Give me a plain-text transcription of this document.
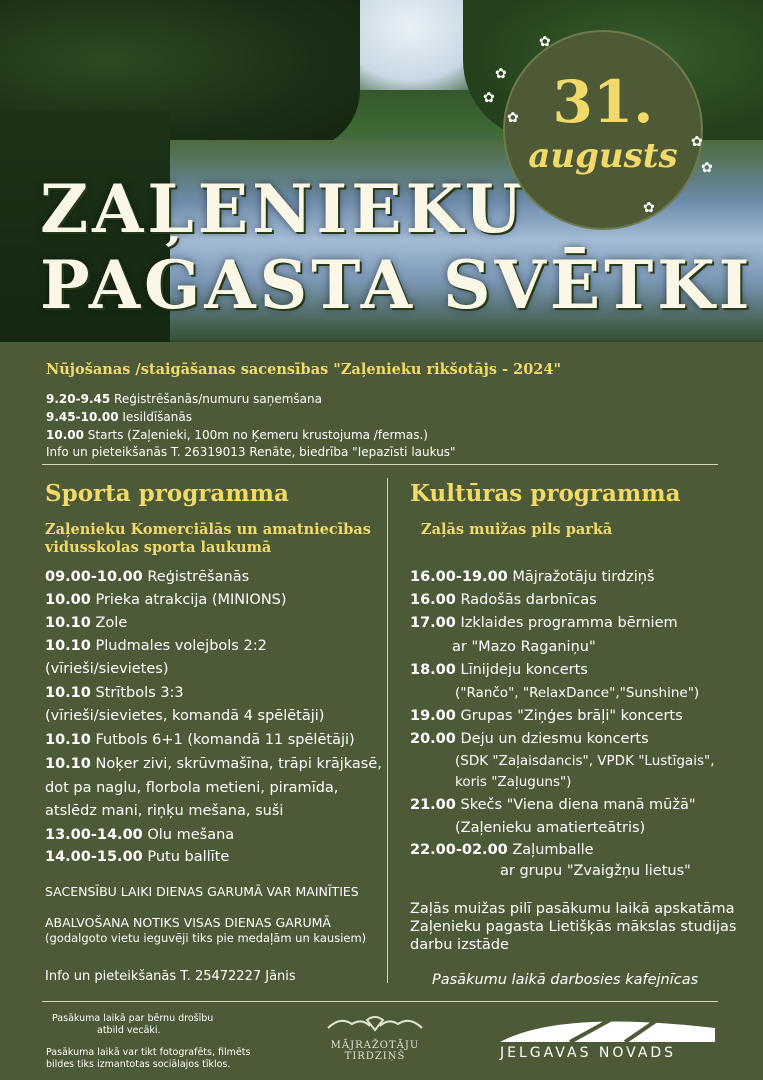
ZAĻENIEKU
PAGASTA SVĒTKI
31.
augusts
✿
✿
✿
✿
✿
✿
✿
Nūjošanas /staigāšanas sacensības "Zaļenieku rikšotājs - 2024"
9.20-9.45 Reģistrēšanās/numuru saņemšana
9.45-10.00 Iesildīšanās
10.00 Starts (Zaļenieki, 100m no Ķemeru krustojuma /fermas.)
Info un pieteikšanās T. 26319013 Renāte, biedrība "Iepazīsti laukus"
Sporta programma
Zaļenieku Komerciālās un amatniecības vidusskolas sporta laukumā
09.00-10.00 Reģistrēšanās
10.00 Prieka atrakcija (MINIONS)
10.10 Zole
10.10 Pludmales volejbols 2:2
(vīrieši/sievietes)
10.10 Strītbols 3:3
(vīrieši/sievietes, komandā 4 spēlētāji)
10.10 Futbols 6+1 (komandā 11 spēlētāji)
10.10 Noķer zivi, skrūvmašīna, trāpi krājkasē,
dot pa naglu, florbola metieni, piramīda,
atslēdz mani, riņķu mešana, suši
13.00-14.00 Olu mešana
14.00-15.00 Putu ballīte
SACENSĪBU LAIKI DIENAS GARUMĀ VAR MAINĪTIES
ABALVOŠANA NOTIKS VISAS DIENAS GARUMĀ
(godalgoto vietu ieguvēji tiks pie medaļām un kausiem)
Info un pieteikšanās T. 25472227 Jānis
Kultūras programma
Zaļās muižas pils parkā
16.00-19.00 Mājražotāju tirdziņš
16.00 Radošās darbnīcas
17.00 Izklaides programma bērniem
ar "Mazo Raganiņu"
18.00 Līnijdeju koncerts
("Rančo", "RelaxDance","Sunshine")
19.00 Grupas "Ziņģes brāļi" koncerts
20.00 Deju un dziesmu koncerts
(SDK "Zaļaisdancis", VPDK "Lustīgais",
koris "Zaļuguns")
21.00 Skečs "Viena diena manā mūžā"
(Zaļenieku amatierteātris)
22.00-02.00 Zaļumballe
ar grupu "Zvaigžņu lietus"
Zaļās muižas pilī pasākumu laikā apskatāma
Zaļenieku pagasta Lietišķās mākslas studijas
darbu izstāde
Pasākumu laikā darbosies kafejnīcas
Pasākuma laikā par bērnu drošību
atbild vecāki.
Pasākuma laikā var tikt fotografēts, filmēts
bildes tiks izmantotas sociālajos tīklos.
MĀJRAŽOTĀJU
TIRDZIŅŠ	JELGAVAS NOVADS
